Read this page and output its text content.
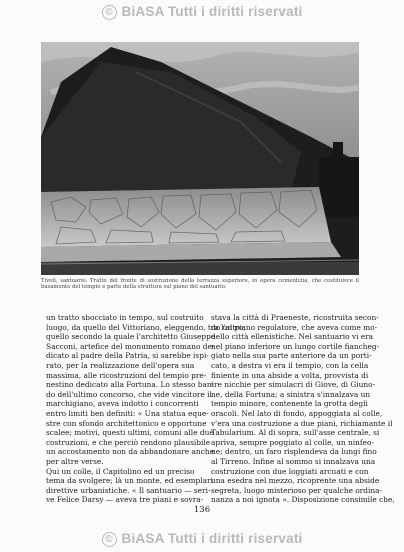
© BiASA Tutti i diritti riservati
Tivoli, santuario. Tratto del fronte di sostruzione della terrazza superiore, in opera cementizia, che costituisce il basamento del tempio e parte della struttura sul piano del santuario.
un tratto sbocciato in tempo, sul costruito
luogo, da quello del Vittoriano, eleggendo, tra l'altro,
quello secondo la quale l'architetto Giuseppe
Sacconi, artefice del monumento romano de-
dicato al padre della Patria, si sarebbe ispi-
rato, per la realizzazione dell'opera sua
massima, alle ricostruzioni del tempio pre-
nestino dedicato alla Fortuna. Lo stesso ban-
do dell'ultimo concorso, che vide vincitore il
marchigiano, aveva indotto i concorrenti
entro limiti ben definiti: « Una statua eque-
stre con sfondo architettonico e opportune
scalee; motivi, questi ultimi, comuni alle due
costruzioni, e che perciò rendono plausibile
un accostamento non da abbandonare anche
per altre verse.
Qui un colle, il Capitolino ed un preciso
tema da svolgere; là un monte, ed esemplari
direttive urbanistiche. « Il santuario — seri-
ve Felice Darsy — aveva tre piani e sovra-
stava la città di Praeneste, ricostruita secon-
do un piano regolatore, che aveva come mo-
dello città ellenistiche. Nel santuario vi era
nel piano inferiore un lungo cortile fiancheg-
giato nella sua parte anteriore da un porti-
cato, a destra vi era il tempio, con la cella
finiente in una abside a volta, provvista di
tre nicchie per simulacri di Giove, di Giuno-
ne, della Fortuna; a sinistra s'innalzava un
tempio minore, contenente la grotta degli
oracoli. Nel lato di fondo, appoggiata al colle,
v'era una costruzione a due piani, richiamante il
Tabularium. Al di sopra, sull'asse centrale, si
apriva, sempre poggiato al colle, un ninfeo-
ne; dentro, un faro risplendeva da lungi fino
al Tirreno. Infine al sommo si innalzava una
costruzione con due loggiati arcuati e con
una esedra nel mezzo, ricoprente una abside
segreta, luogo misterioso per qualche ordina-
nanza a noi ignota ». Disposizione consimile che,
136
© BiASA Tutti i diritti riservati
